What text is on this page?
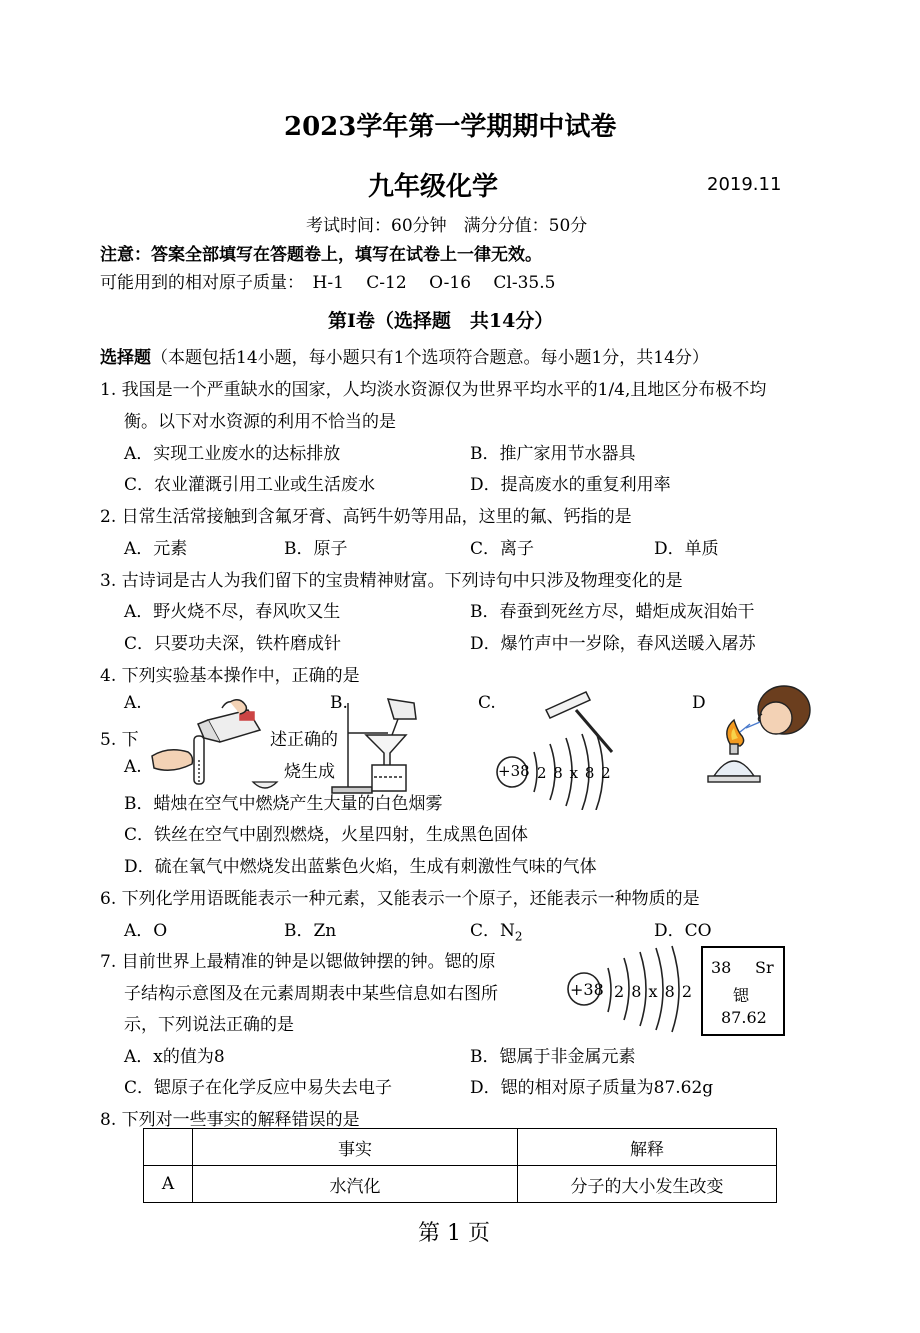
2023学年第一学期期中试卷
九年级化学	2019.11
考试时间：60分钟　满分分值：50分
注意：答案全部填写在答题卷上，填写在试卷上一律无效。
可能用到的相对原子质量：　H-1　 C-12　 O-16　 Cl-35.5
第Ⅰ卷（选择题　共14分）
选择题（本题包括14小题，每小题只有1个选项符合题意。每小题1分，共14分）
1. 我国是一个严重缺水的国家，人均淡水资源仅为世界平均水平的1/4,且地区分布极不均
衡。以下对水资源的利用不恰当的是
A．实现工业废水的达标排放	B．推广家用节水器具
C．农业灌溉引用工业或生活废水	D．提高废水的重复利用率
2. 日常生活常接触到含氟牙膏、高钙牛奶等用品，这里的氟、钙指的是
A．元素	B．原子	C．离子	D．单质
3. 古诗词是古人为我们留下的宝贵精神财富。下列诗句中只涉及物理变化的是
A．野火烧不尽，春风吹又生	B．春蚕到死丝方尽，蜡炬成灰泪始干
C．只要功夫深，铁杵磨成针	D．爆竹声中一岁除，春风送暖入屠苏
4. 下列实验基本操作中，正确的是
A.	B.	C.	D
+38 2 8 x 8 2
5. 下	述正确的
A.	烧生成
B．蜡烛在空气中燃烧产生大量的白色烟雾
C．铁丝在空气中剧烈燃烧，火星四射，生成黑色固体
D．硫在氧气中燃烧发出蓝紫色火焰，生成有刺激性气味的气体
6. 下列化学用语既能表示一种元素，又能表示一个原子，还能表示一种物质的是
A．O	B．Zn	C．$N_2$	D．CO
7. 目前世界上最精准的钟是以锶做钟摆的钟。锶的原
子结构示意图及在元素周期表中某些信息如右图所
示，下列说法正确的是
+38 2 8 x 8 2
38 Sr
锶
87.62
A．x的值为8	B．锶属于非金属元素
C．锶原子在化学反应中易失去电子	D．锶的相对原子质量为87.62g
8. 下列对一些事实的解释错误的是
	事实	解释
A	水汽化	分子的大小发生改变
第 1 页
